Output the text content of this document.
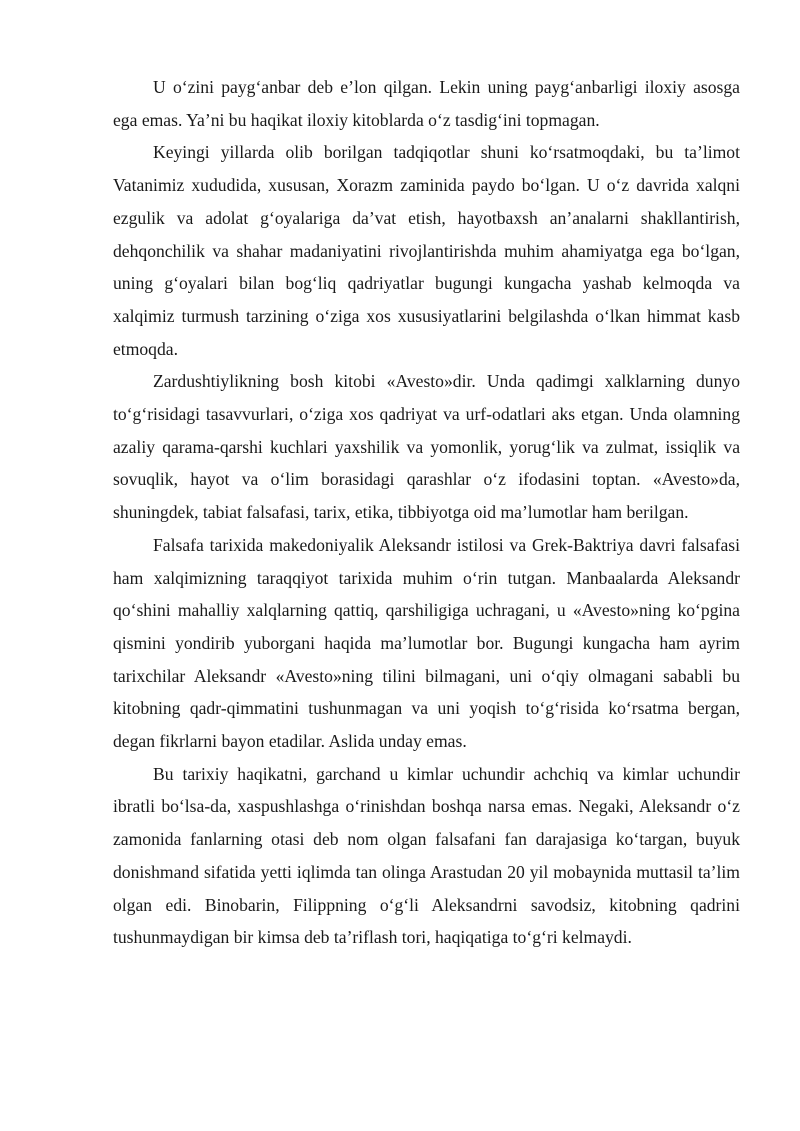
U o‘zini payg‘anbar deb e’lon qilgan. Lekin uning payg‘anbarligi iloxiy asosga ega emas. Ya’ni bu haqikat iloxiy kitoblarda o‘z tasdig‘ini topmagan.

Keyingi yillarda olib borilgan tadqiqotlar shuni ko‘rsatmoqdaki, bu ta’limot Vatanimiz xududida, xususan, Xorazm zaminida paydo bo‘lgan. U o‘z davrida xalqni ezgulik va adolat g‘oyalariga da’vat etish, hayotbaxsh an’analarni shakllantirish, dehqonchilik va shahar madaniyatini rivojlantirishda muhim ahamiyatga ega bo‘lgan, uning g‘oyalari bilan bog‘liq qadriyatlar bugungi kungacha yashab kelmoqda va xalqimiz turmush tarzining o‘ziga xos xususiyatlarini belgilashda o‘lkan himmat kasb etmoqda.

Zardushtiylikning bosh kitobi «Avesto»dir. Unda qadimgi xalklarning dunyo to‘g‘risidagi tasavvurlari, o‘ziga xos qadriyat va urf-odatlari aks etgan. Unda olamning azaliy qarama-qarshi kuchlari yaxshilik va yomonlik, yorug‘lik va zulmat, issiqlik va sovuqlik, hayot va o‘lim borasidagi qarashlar o‘z ifodasini toptan. «Avesto»da, shuningdek, tabiat falsafasi, tarix, etika, tibbiyotga oid ma’lumotlar ham berilgan.

Falsafa tarixida makedoniyalik Aleksandr istilosi va Grek-Baktriya davri falsafasi ham xalqimizning taraqqiyot tarixida muhim o‘rin tutgan. Manbaalarda Aleksandr qo‘shini mahalliy xalqlarning qattiq, qarshiligiga uchragani, u «Avesto»ning ko‘pgina qismini yondirib yuborgani haqida ma’lumotlar bor. Bugungi kungacha ham ayrim tarixchilar Aleksandr «Avesto»ning tilini bilmagani, uni o‘qiy olmagani sababli bu kitobning qadr-qimmatini tushunmagan va uni yoqish to‘g‘risida ko‘rsatma bergan, degan fikrlarni bayon etadilar. Aslida unday emas.

Bu tarixiy haqikatni, garchand u kimlar uchundir achchiq va kimlar uchundir ibratli bo‘lsa-da, xaspushlashga o‘rinishdan boshqa narsa emas. Negaki, Aleksandr o‘z zamonida fanlarning otasi deb nom olgan falsafani fan darajasiga ko‘targan, buyuk donishmand sifatida yetti iqlimda tan olinga Arastudan 20 yil mobaynida muttasil ta’lim olgan edi. Binobarin, Filippning o‘g‘li Aleksandrni savodsiz, kitobning qadrini tushunmaydigan bir kimsa deb ta’riflash tori, haqiqatiga to‘g‘ri kelmaydi.
